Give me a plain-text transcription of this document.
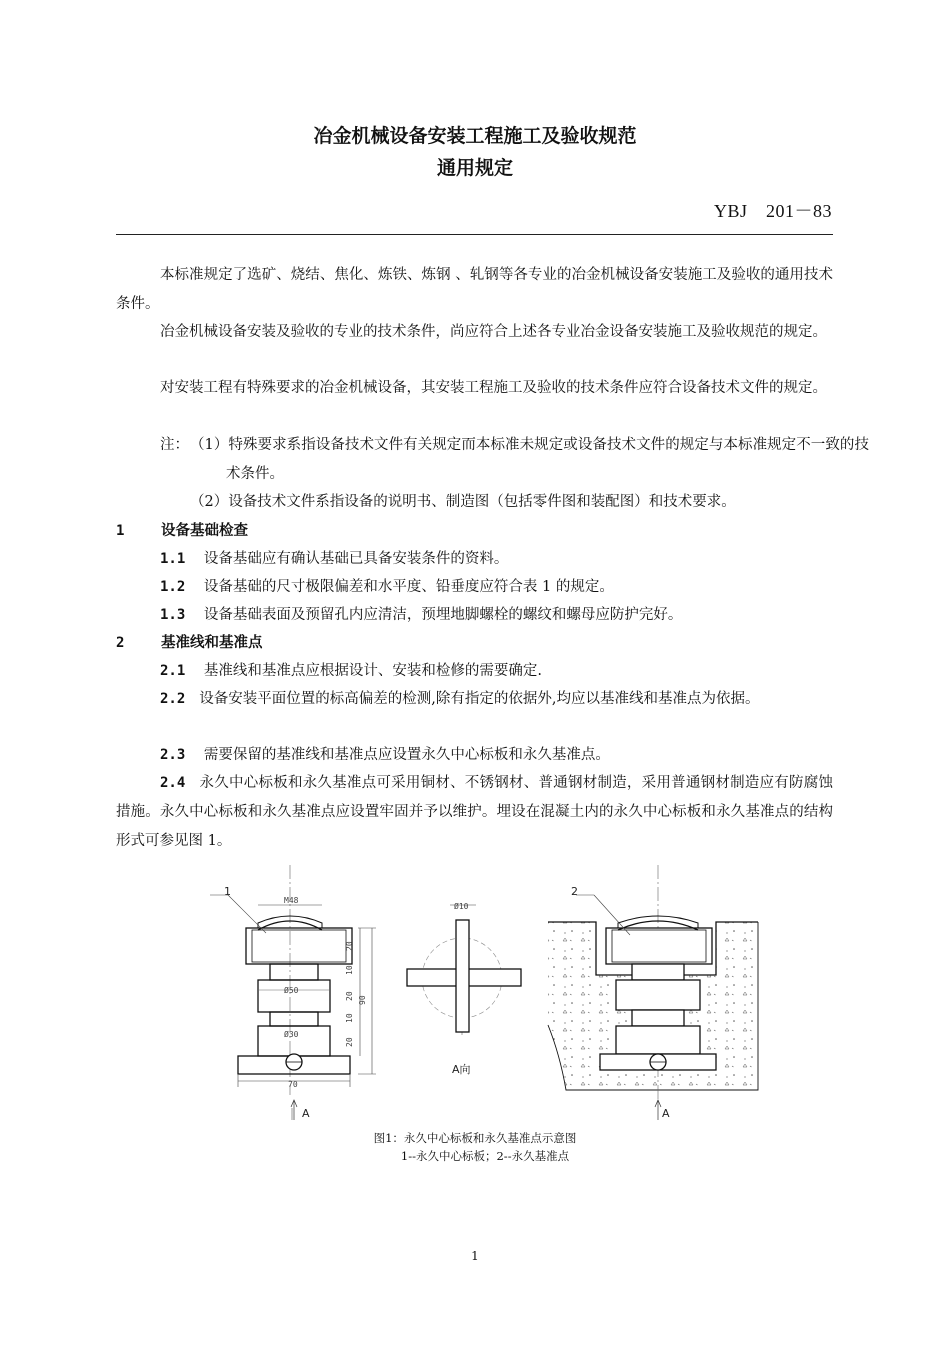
冶金机械设备安装工程施工及验收规范
通用规定
YBJ　201－83

本标准规定了选矿、烧结、焦化、炼铁、炼钢 、轧钢等各专业的冶金机械设备安装施工及验收的通用技术条件。

冶金机械设备安装及验收的专业的技术条件，尚应符合上述各专业冶金设备安装施工及验收规范的规定。

对安装工程有特殊要求的冶金机械设备，其安装工程施工及验收的技术条件应符合设备技术文件的规定。

注： （1）特殊要求系指设备技术文件有关规定而本标准未规定或设备技术文件的规定与本标准规定不一致的技术条件。

（2）设备技术文件系指设备的说明书、制造图（包括零件图和装配图）和技术要求。
1	设备基础检查
1.1 设备基础应有确认基础已具备安装条件的资料。
1.2 设备基础的尺寸极限偏差和水平度、铅垂度应符合表 1 的规定。
1.3 设备基础表面及预留孔内应清洁，预埋地脚螺栓的螺纹和螺母应防护完好。
2	基准线和基准点
2.1 基准线和基准点应根据设计、安装和检修的需要确定.
2.2 设备安装平面位置的标高偏差的检测,除有指定的依据外,均应以基准线和基准点为依据。
2.3 需要保留的基准线和基准点应设置永久中心标板和永久基准点。
2.4 永久中心标板和永久基准点可采用铜材、不锈钢材、普通钢材制造，采用普通钢材制造应有防腐蚀措施。永久中心标板和永久基准点应设置牢固并予以维护。埋设在混凝土内的永久中心标板和永久基准点的结构形式可参见图 1。
1
M48
Ø50
Ø30
70
90
20
10
20
10
20
A
Ø10
A向
2
A
图1：永久中心标板和永久基准点示意图
1--永久中心标板；2--永久基准点
1
